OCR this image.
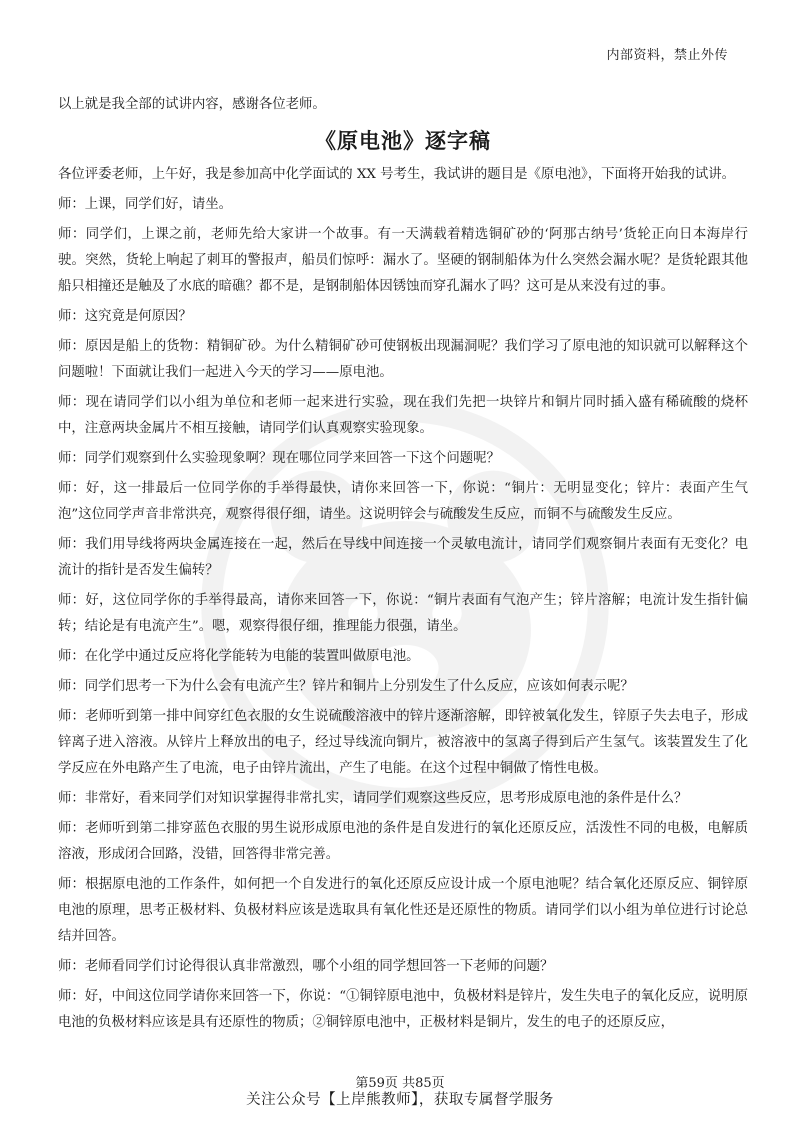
内部资料，禁止外传

以上就是我全部的试讲内容，感谢各位老师。

《原电池》逐字稿

各位评委老师，上午好，我是参加高中化学面试的 XX 号考生，我试讲的题目是《原电池》，下面将开始我的试讲。

师：上课，同学们好，请坐。

师：同学们，上课之前，老师先给大家讲一个故事。有一天满载着精选铜矿砂的‘阿那古纳号’货轮正向日本海岸行驶。突然，货轮上响起了刺耳的警报声，船员们惊呼：漏水了。坚硬的钢制船体为什么突然会漏水呢？是货轮跟其他船只相撞还是触及了水底的暗礁？都不是，是钢制船体因锈蚀而穿孔漏水了吗？这可是从来没有过的事。

师：这究竟是何原因？

师：原因是船上的货物：精铜矿砂。为什么精铜矿砂可使钢板出现漏洞呢？我们学习了原电池的知识就可以解释这个问题啦！下面就让我们一起进入今天的学习——原电池。

师：现在请同学们以小组为单位和老师一起来进行实验，现在我们先把一块锌片和铜片同时插入盛有稀硫酸的烧杯中，注意两块金属片不相互接触，请同学们认真观察实验现象。

师：同学们观察到什么实验现象啊？现在哪位同学来回答一下这个问题呢？

师：好，这一排最后一位同学你的手举得最快，请你来回答一下，你说：“铜片：无明显变化；锌片：表面产生气泡”这位同学声音非常洪亮，观察得很仔细，请坐。这说明锌会与硫酸发生反应，而铜不与硫酸发生反应。

师：我们用导线将两块金属连接在一起，然后在导线中间连接一个灵敏电流计，请同学们观察铜片表面有无变化？电流计的指针是否发生偏转？

师：好，这位同学你的手举得最高，请你来回答一下，你说：“铜片表面有气泡产生；锌片溶解；电流计发生指针偏转；结论是有电流产生”。嗯，观察得很仔细，推理能力很强，请坐。

师：在化学中通过反应将化学能转为电能的装置叫做原电池。

师：同学们思考一下为什么会有电流产生？锌片和铜片上分别发生了什么反应，应该如何表示呢？

师：老师听到第一排中间穿红色衣服的女生说硫酸溶液中的锌片逐渐溶解，即锌被氧化发生，锌原子失去电子，形成锌离子进入溶液。从锌片上释放出的电子，经过导线流向铜片，被溶液中的氢离子得到后产生氢气。该装置发生了化学反应在外电路产生了电流，电子由锌片流出，产生了电能。在这个过程中铜做了惰性电极。

师：非常好，看来同学们对知识掌握得非常扎实，请同学们观察这些反应，思考形成原电池的条件是什么？

师：老师听到第二排穿蓝色衣服的男生说形成原电池的条件是自发进行的氧化还原反应，活泼性不同的电极，电解质溶液，形成闭合回路，没错，回答得非常完善。

师：根据原电池的工作条件，如何把一个自发进行的氧化还原反应设计成一个原电池呢？结合氧化还原反应、铜锌原电池的原理，思考正极材料、负极材料应该是选取具有氧化性还是还原性的物质。请同学们以小组为单位进行讨论总结并回答。

师：老师看同学们讨论得很认真非常激烈，哪个小组的同学想回答一下老师的问题？

师：好，中间这位同学请你来回答一下，你说：“①铜锌原电池中，负极材料是锌片，发生失电子的氧化反应，说明原电池的负极材料应该是具有还原性的物质；②铜锌原电池中，正极材料是铜片，发生的电子的还原反应，

第59页 共85页
关注公众号【上岸熊教师】，获取专属督学服务
